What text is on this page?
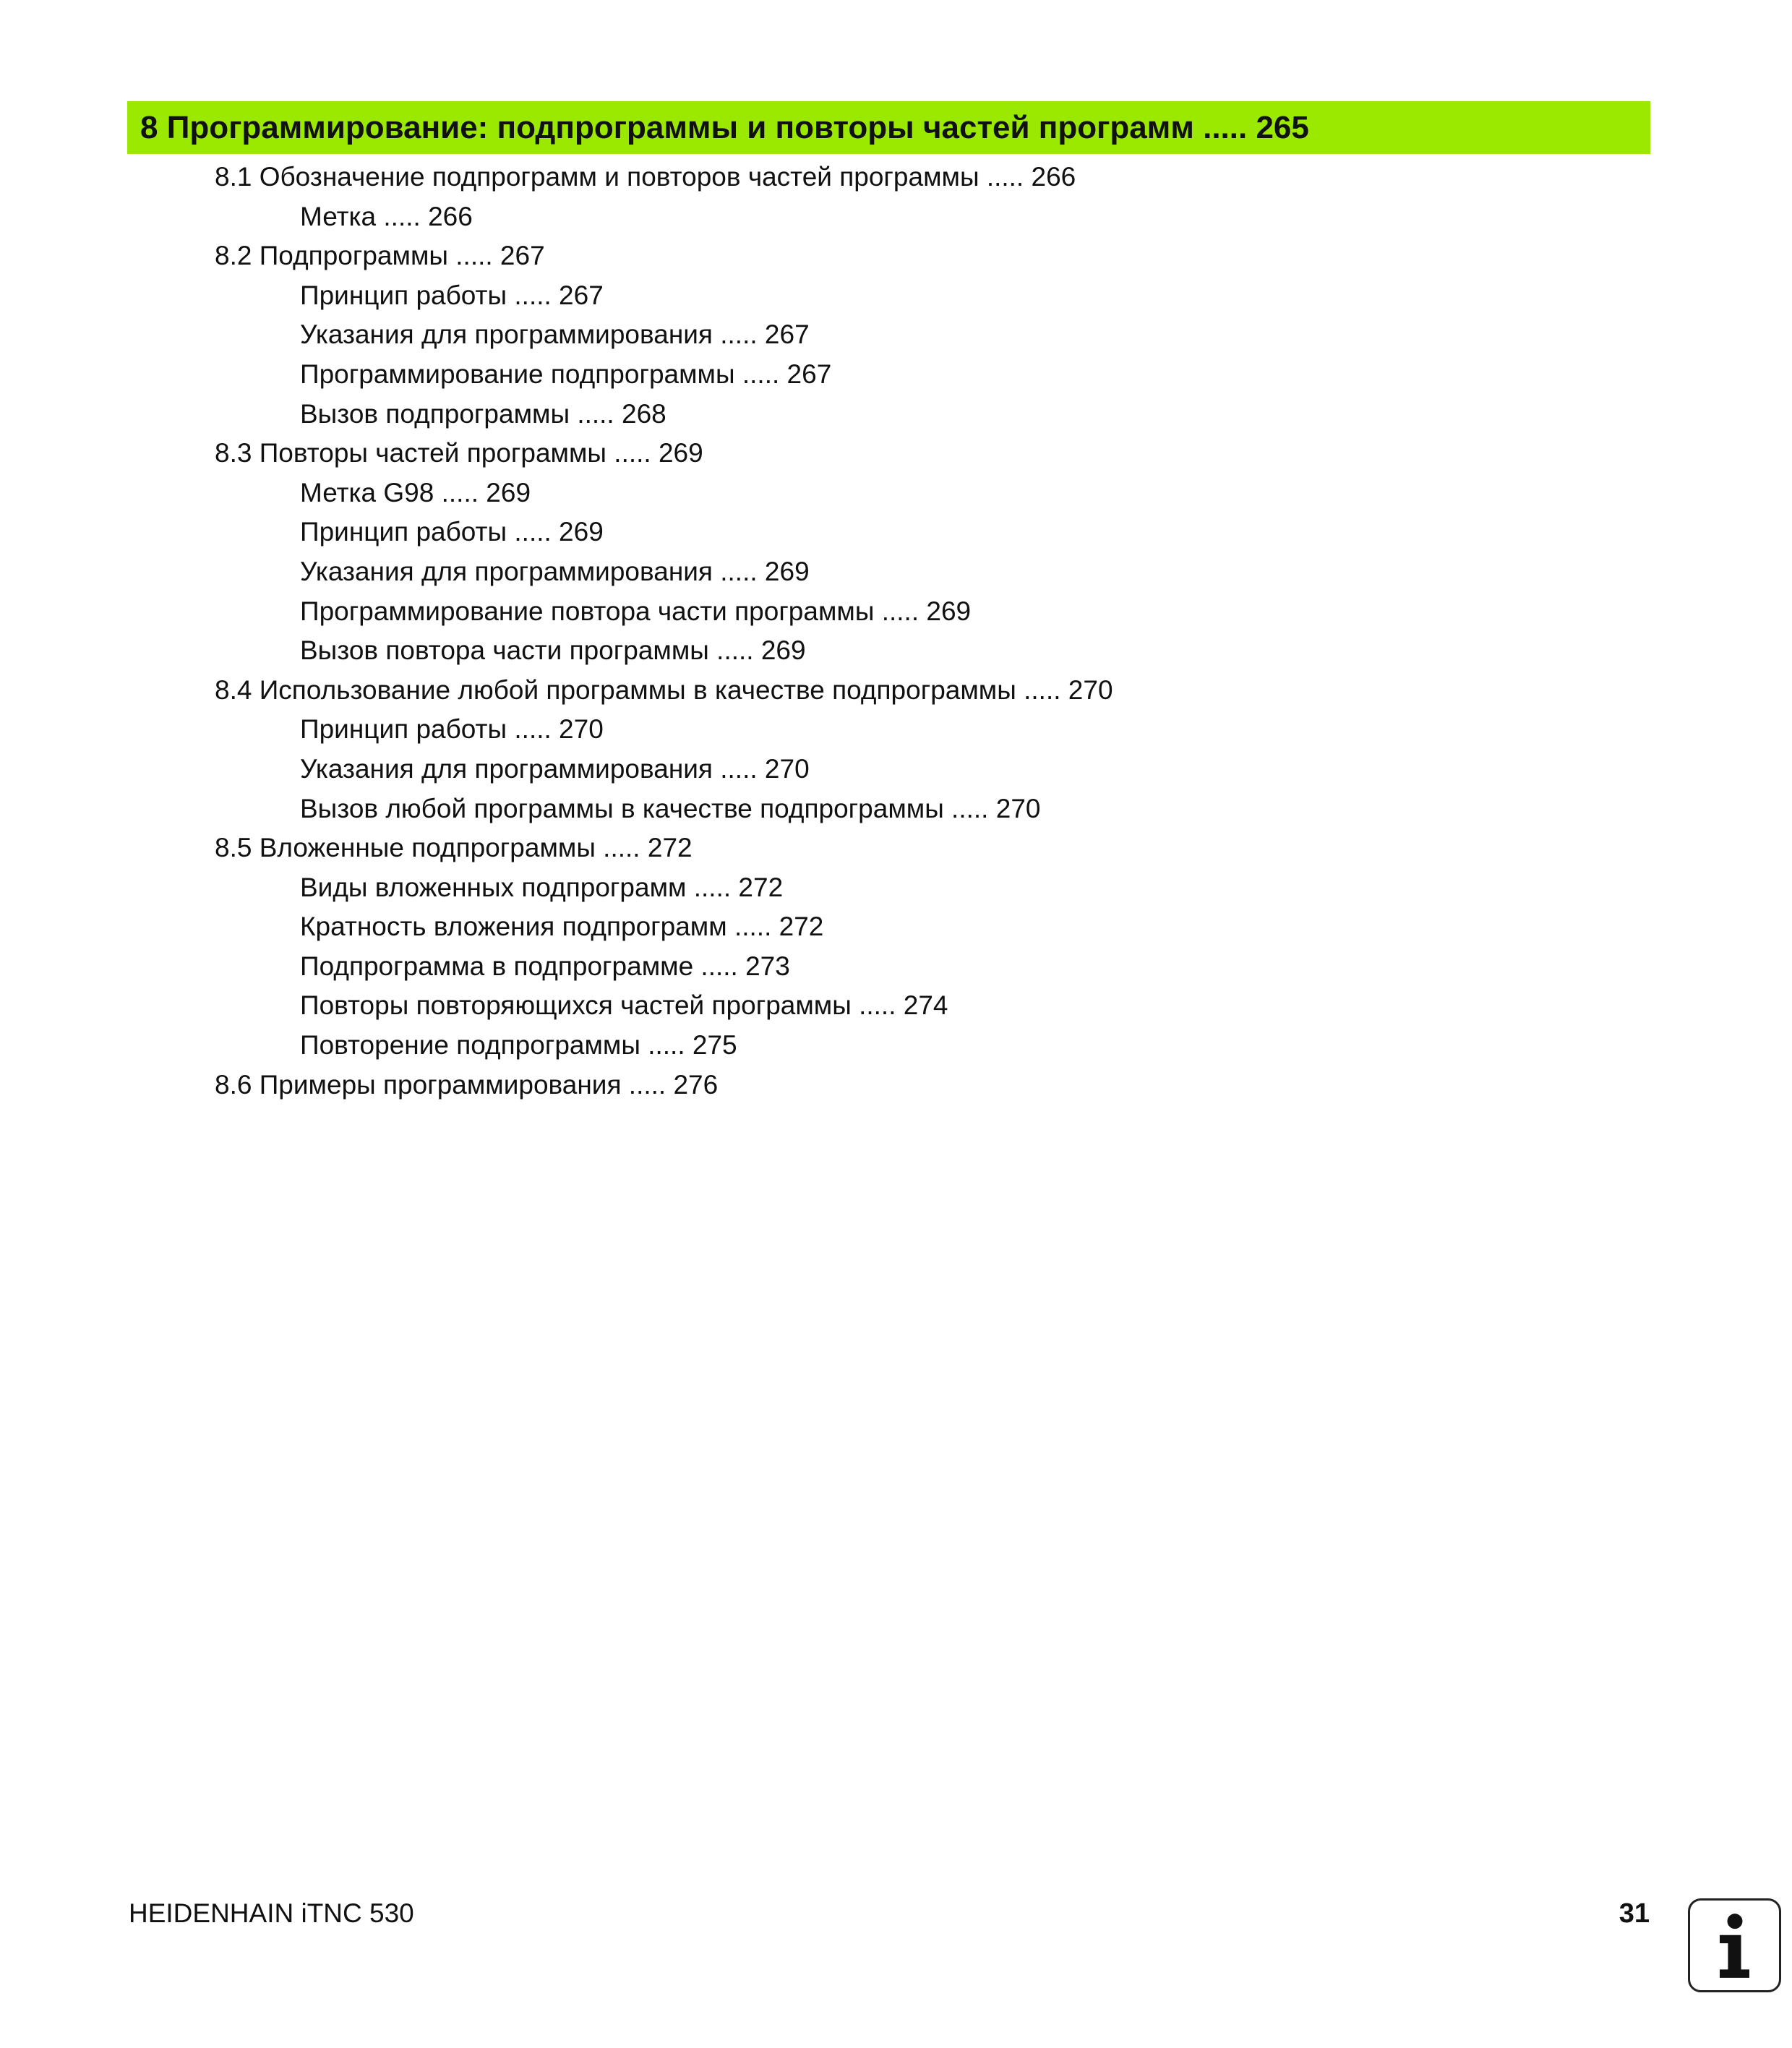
8 Программирование: подпрограммы и повторы частей программ ..... 265
8.1 Обозначение подпрограмм и повторов частей программы ..... 266
Метка ..... 266
8.2 Подпрограммы ..... 267
Принцип работы ..... 267
Указания для программирования ..... 267
Программирование подпрограммы ..... 267
Вызов подпрограммы ..... 268
8.3 Повторы частей программы ..... 269
Метка G98 ..... 269
Принцип работы ..... 269
Указания для программирования ..... 269
Программирование повтора части программы ..... 269
Вызов повтора части программы ..... 269
8.4 Использование любой программы в качестве подпрограммы ..... 270
Принцип работы ..... 270
Указания для программирования ..... 270
Вызов любой программы в качестве подпрограммы ..... 270
8.5 Вложенные подпрограммы ..... 272
Виды вложенных подпрограмм ..... 272
Кратность вложения подпрограмм ..... 272
Подпрограмма в подпрограмме ..... 273
Повторы повторяющихся частей программы ..... 274
Повторение подпрограммы ..... 275
8.6 Примеры программирования ..... 276
HEIDENHAIN iTNC 530	31
